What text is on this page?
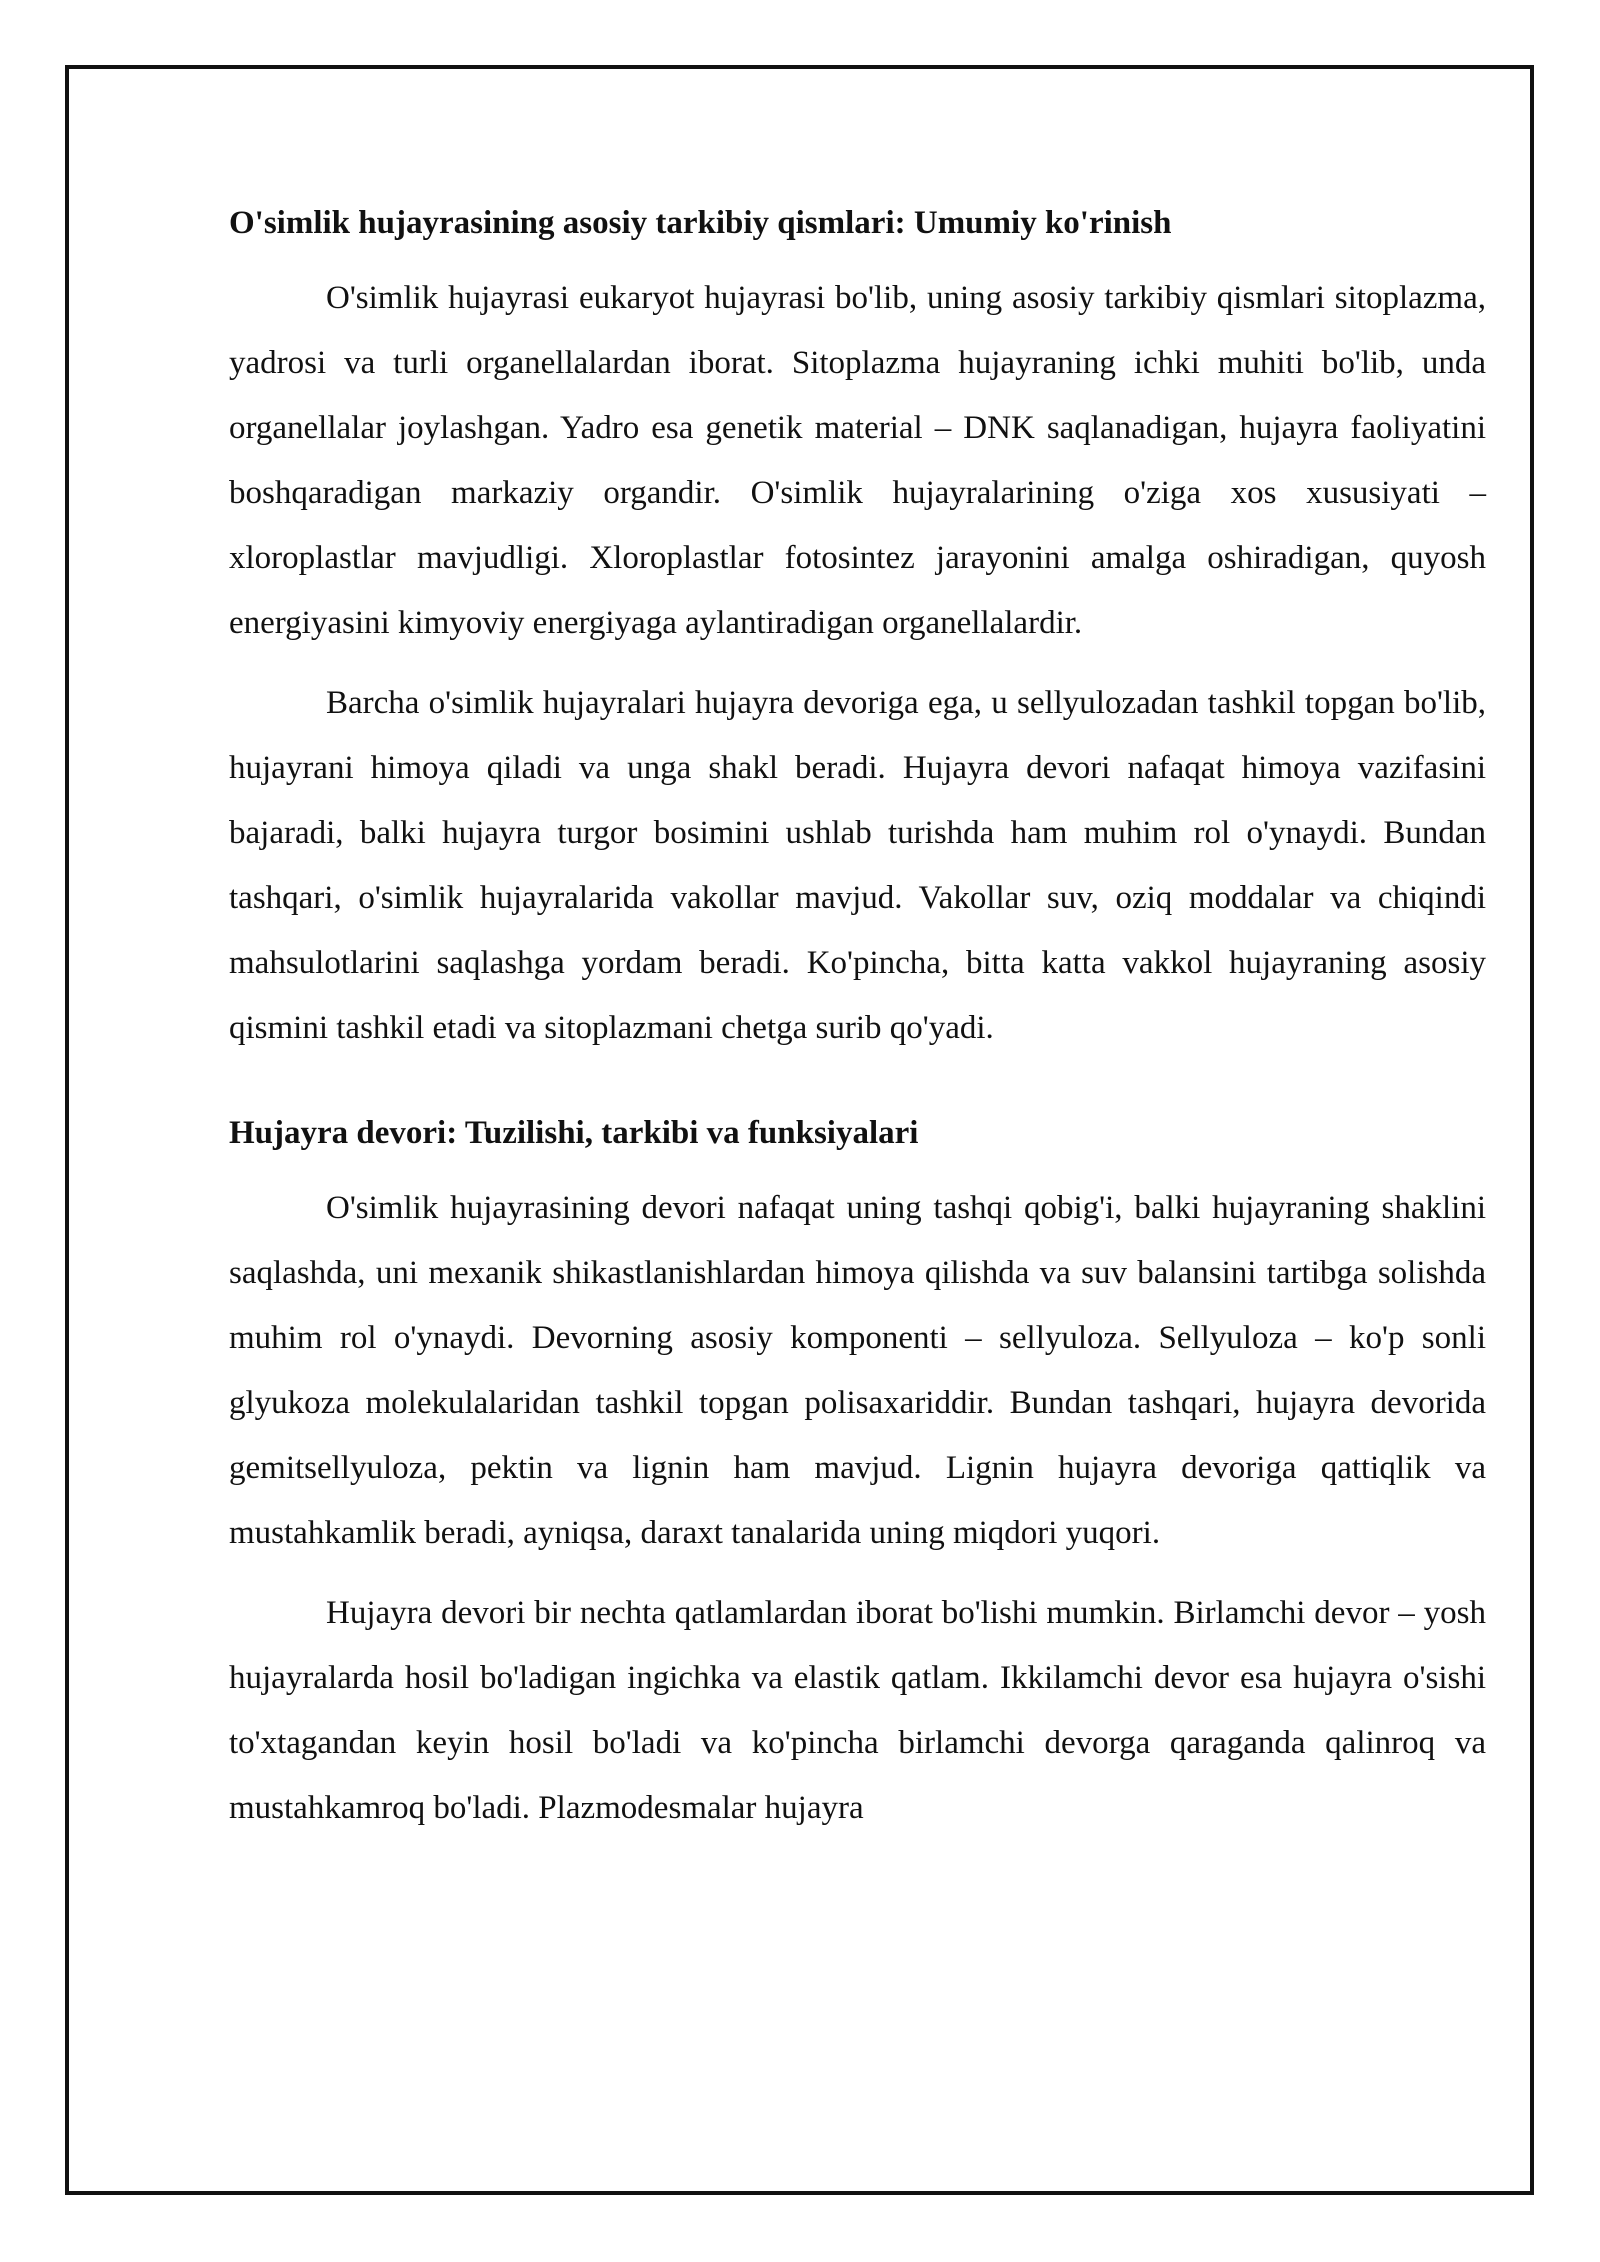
O'simlik hujayrasining asosiy tarkibiy qismlari: Umumiy ko'rinish

O'simlik hujayrasi eukaryot hujayrasi bo'lib, uning asosiy tarkibiy qismlari sitoplazma, yadrosi va turli organellalardan iborat. Sitoplazma hujayraning ichki muhiti bo'lib, unda organellalar joylashgan. Yadro esa genetik material – DNK saqlanadigan, hujayra faoliyatini boshqaradigan markaziy organdir. O'simlik hujayralarining o'ziga xos xususiyati – xloroplastlar mavjudligi. Xloroplastlar fotosintez jarayonini amalga oshiradigan, quyosh energiyasini kimyoviy energiyaga aylantiradigan organellalardir.

Barcha o'simlik hujayralari hujayra devoriga ega, u sellyulozadan tashkil topgan bo'lib, hujayrani himoya qiladi va unga shakl beradi. Hujayra devori nafaqat himoya vazifasini bajaradi, balki hujayra turgor bosimini ushlab turishda ham muhim rol o'ynaydi. Bundan tashqari, o'simlik hujayralarida vakollar mavjud. Vakollar suv, oziq moddalar va chiqindi mahsulotlarini saqlashga yordam beradi. Ko'pincha, bitta katta vakkol hujayraning asosiy qismini tashkil etadi va sitoplazmani chetga surib qo'yadi.

Hujayra devori: Tuzilishi, tarkibi va funksiyalari

O'simlik hujayrasining devori nafaqat uning tashqi qobig'i, balki hujayraning shaklini saqlashda, uni mexanik shikastlanishlardan himoya qilishda va suv balansini tartibga solishda muhim rol o'ynaydi. Devorning asosiy komponenti – sellyuloza. Sellyuloza – ko'p sonli glyukoza molekulalaridan tashkil topgan polisaxariddir. Bundan tashqari, hujayra devorida gemitsellyuloza, pektin va lignin ham mavjud. Lignin hujayra devoriga qattiqlik va mustahkamlik beradi, ayniqsa, daraxt tanalarida uning miqdori yuqori.

Hujayra devori bir nechta qatlamlardan iborat bo'lishi mumkin. Birlamchi devor – yosh hujayralarda hosil bo'ladigan ingichka va elastik qatlam. Ikkilamchi devor esa hujayra o'sishi to'xtagandan keyin hosil bo'ladi va ko'pincha birlamchi devorga qaraganda qalinroq va mustahkamroq bo'ladi. Plazmodesmalar hujayra
